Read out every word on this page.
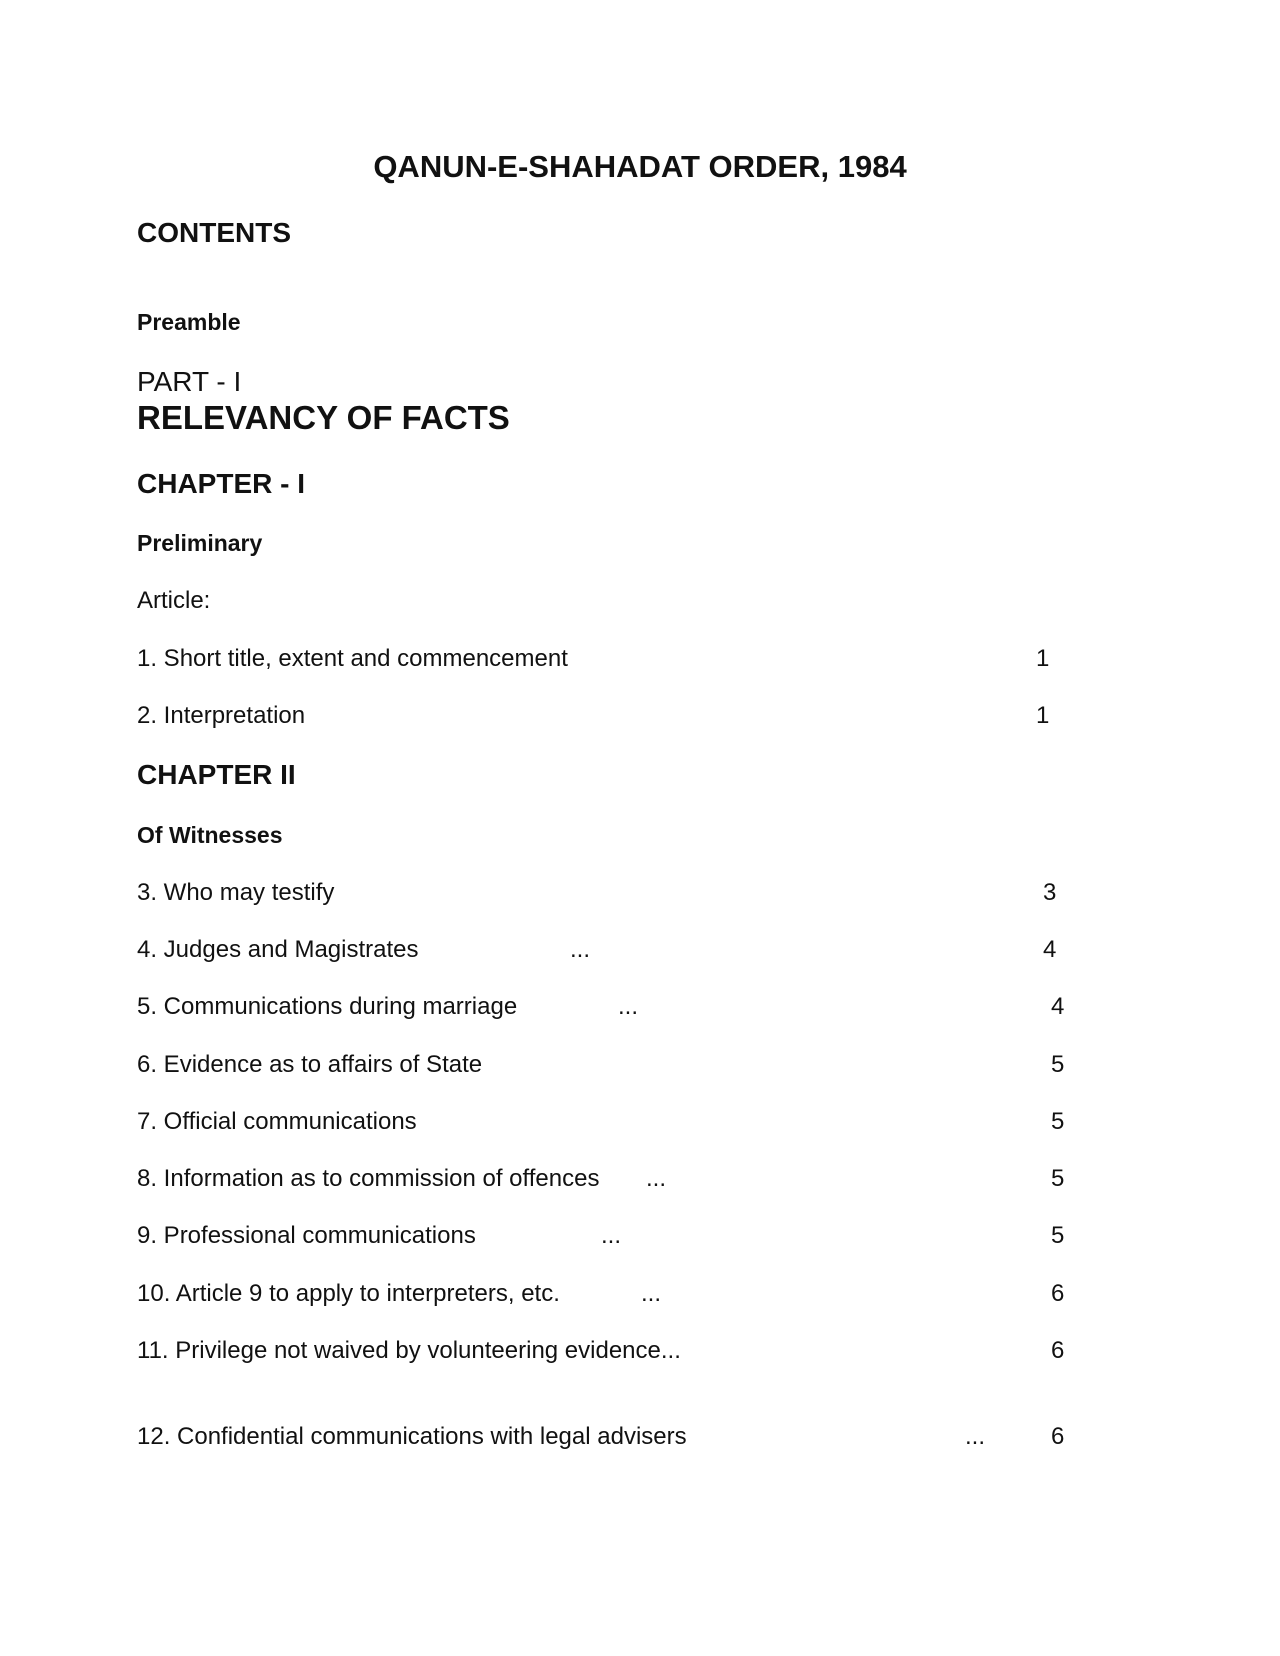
QANUN-E-SHAHADAT ORDER, 1984
CONTENTS
Preamble
PART - I
RELEVANCY OF FACTS
CHAPTER - I
Preliminary
Article:
1. Short title, extent and commencement	1
2. Interpretation	1
CHAPTER II
Of Witnesses
3. Who may testify	3
4. Judges and Magistrates	...	4
5. Communications during marriage	...	4
6. Evidence as to affairs of State	5
7. Official communications	5
8. Information as to commission of offences ...	5
9. Professional communications	...	5
10. Article 9 to apply to interpreters, etc.	...	6
11. Privilege not waived by volunteering evidence...	6
12. Confidential communications with legal advisers	...	6
